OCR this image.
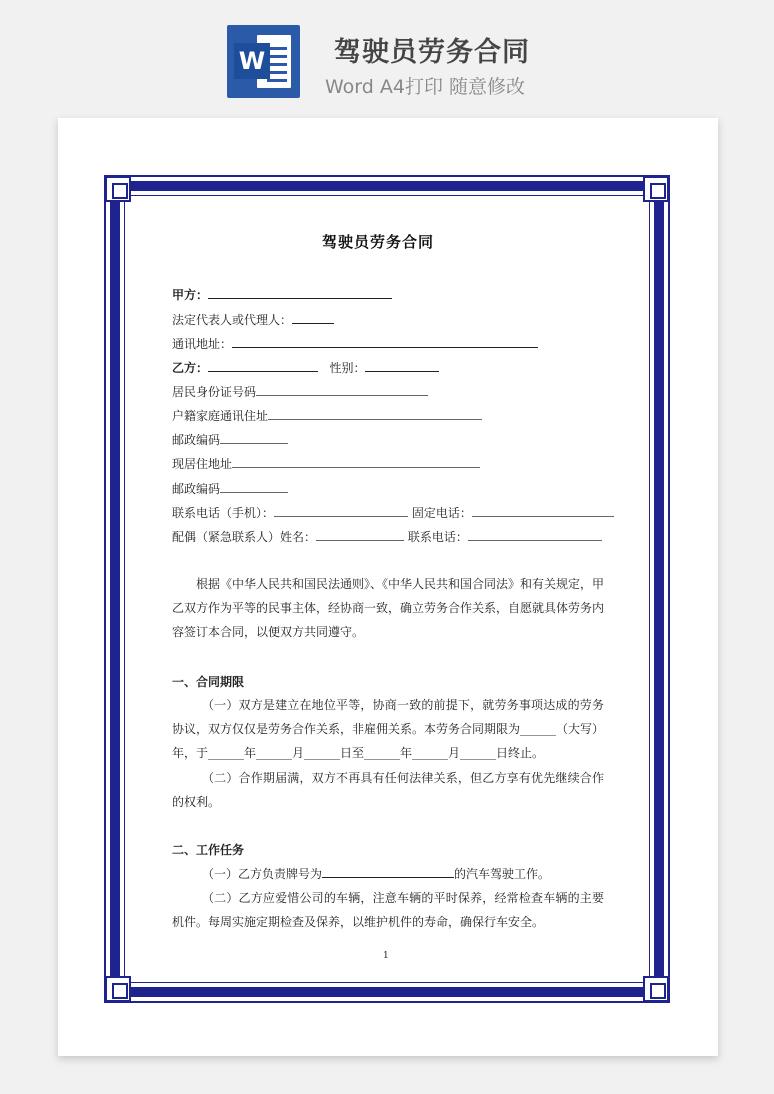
W	驾驶员劳务合同
Word A4打印 随意修改
驾驶员劳务合同
甲方：
法定代表人或代理人：
通讯地址：
乙方：	性别：
居民身份证号码
户籍家庭通讯住址
邮政编码
现居住地址
邮政编码
联系电话（手机）：	固定电话：
配偶（紧急联系人）姓名：	联系电话：
根据《中华人民共和国民法通则》、《中华人民共和国合同法》和有关规定，甲乙双方作为平等的民事主体，经协商一致，确立劳务合作关系，自愿就具体劳务内容签订本合同，以便双方共同遵守。
一、合同期限
（一）双方是建立在地位平等，协商一致的前提下，就劳务事项达成的劳务协议，双方仅仅是劳务合作关系，非雇佣关系。本劳务合同期限为______（大写）年，于______年______月______日至______年______月______日终止。
（二）合作期届满，双方不再具有任何法律关系，但乙方享有优先继续合作的权利。
二、工作任务
（一）乙方负责牌号为	的汽车驾驶工作。
（二）乙方应爱惜公司的车辆，注意车辆的平时保养，经常检查车辆的主要机件。每周实施定期检查及保养，以维护机件的寿命，确保行车安全。
1
